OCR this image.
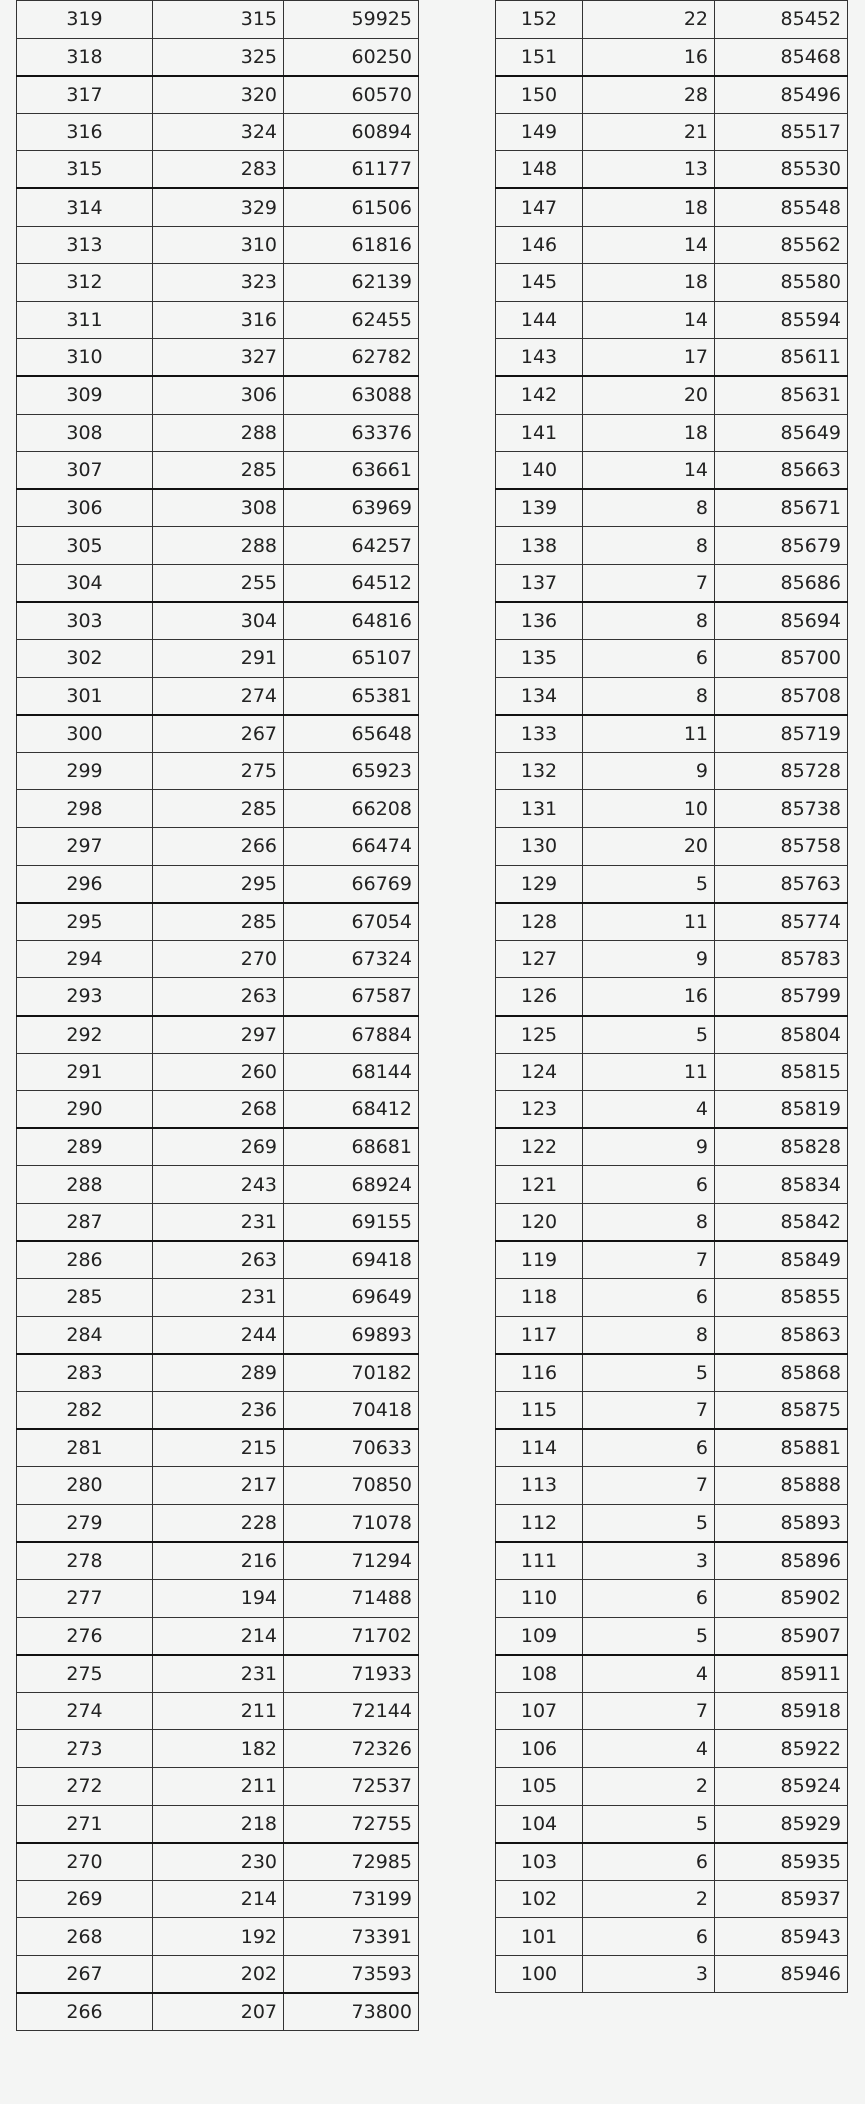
319	315	59925
318	325	60250
317	320	60570
316	324	60894
315	283	61177
314	329	61506
313	310	61816
312	323	62139
311	316	62455
310	327	62782
309	306	63088
308	288	63376
307	285	63661
306	308	63969
305	288	64257
304	255	64512
303	304	64816
302	291	65107
301	274	65381
300	267	65648
299	275	65923
298	285	66208
297	266	66474
296	295	66769
295	285	67054
294	270	67324
293	263	67587
292	297	67884
291	260	68144
290	268	68412
289	269	68681
288	243	68924
287	231	69155
286	263	69418
285	231	69649
284	244	69893
283	289	70182
282	236	70418
281	215	70633
280	217	70850
279	228	71078
278	216	71294
277	194	71488
276	214	71702
275	231	71933
274	211	72144
273	182	72326
272	211	72537
271	218	72755
270	230	72985
269	214	73199
268	192	73391
267	202	73593
266	207	73800
152	22	85452
151	16	85468
150	28	85496
149	21	85517
148	13	85530
147	18	85548
146	14	85562
145	18	85580
144	14	85594
143	17	85611
142	20	85631
141	18	85649
140	14	85663
139	8	85671
138	8	85679
137	7	85686
136	8	85694
135	6	85700
134	8	85708
133	11	85719
132	9	85728
131	10	85738
130	20	85758
129	5	85763
128	11	85774
127	9	85783
126	16	85799
125	5	85804
124	11	85815
123	4	85819
122	9	85828
121	6	85834
120	8	85842
119	7	85849
118	6	85855
117	8	85863
116	5	85868
115	7	85875
114	6	85881
113	7	85888
112	5	85893
111	3	85896
110	6	85902
109	5	85907
108	4	85911
107	7	85918
106	4	85922
105	2	85924
104	5	85929
103	6	85935
102	2	85937
101	6	85943
100	3	85946
